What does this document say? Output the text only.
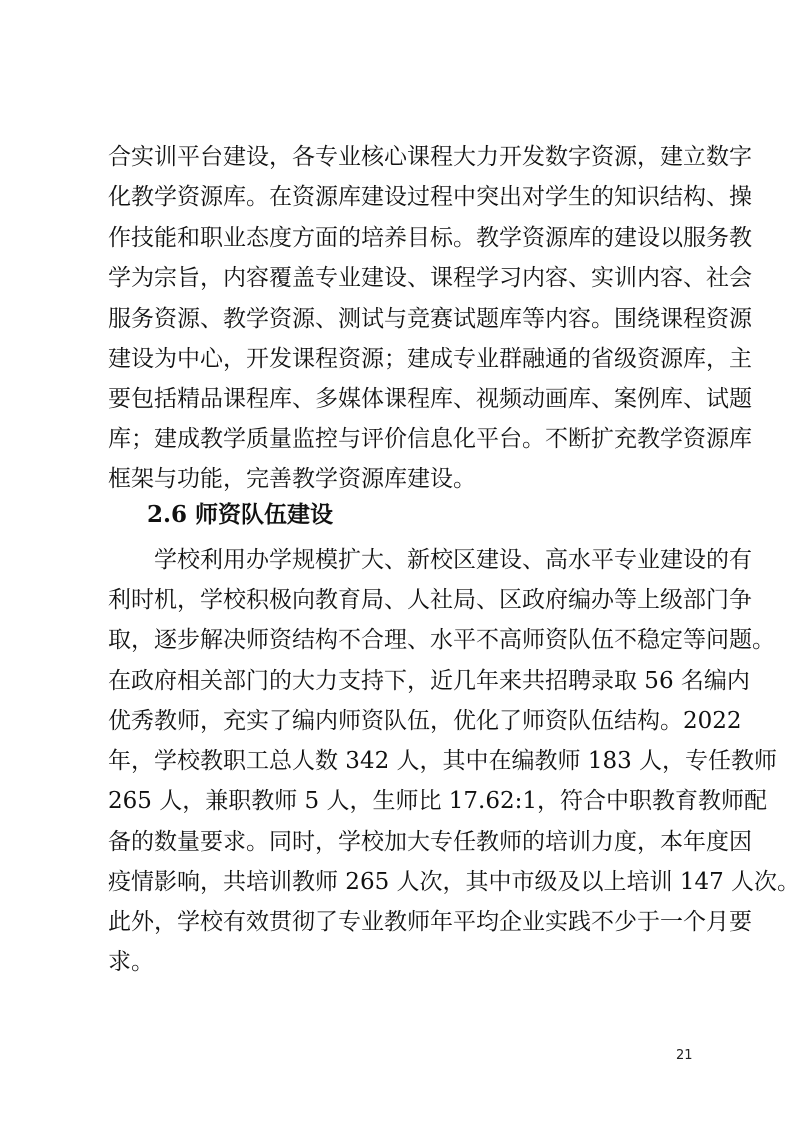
合实训平台建设，各专业核心课程大力开发数字资源，建立数字
化教学资源库。在资源库建设过程中突出对学生的知识结构、操
作技能和职业态度方面的培养目标。教学资源库的建设以服务教
学为宗旨，内容覆盖专业建设、课程学习内容、实训内容、社会
服务资源、教学资源、测试与竞赛试题库等内容。围绕课程资源
建设为中心，开发课程资源；建成专业群融通的省级资源库，主
要包括精品课程库、多媒体课程库、视频动画库、案例库、试题
库；建成教学质量监控与评价信息化平台。不断扩充教学资源库
框架与功能，完善教学资源库建设。
2.6 师资队伍建设
　　学校利用办学规模扩大、新校区建设、高水平专业建设的有
利时机，学校积极向教育局、人社局、区政府编办等上级部门争
取，逐步解决师资结构不合理、水平不高师资队伍不稳定等问题。
在政府相关部门的大力支持下，近几年来共招聘录取 56 名编内
优秀教师，充实了编内师资队伍，优化了师资队伍结构。2022
年，学校教职工总人数 342 人，其中在编教师 183 人，专任教师
265 人，兼职教师 5 人，生师比 17.62:1，符合中职教育教师配
备的数量要求。同时，学校加大专任教师的培训力度，本年度因
疫情影响，共培训教师 265 人次，其中市级及以上培训 147 人次。
此外，学校有效贯彻了专业教师年平均企业实践不少于一个月要
求。
21
